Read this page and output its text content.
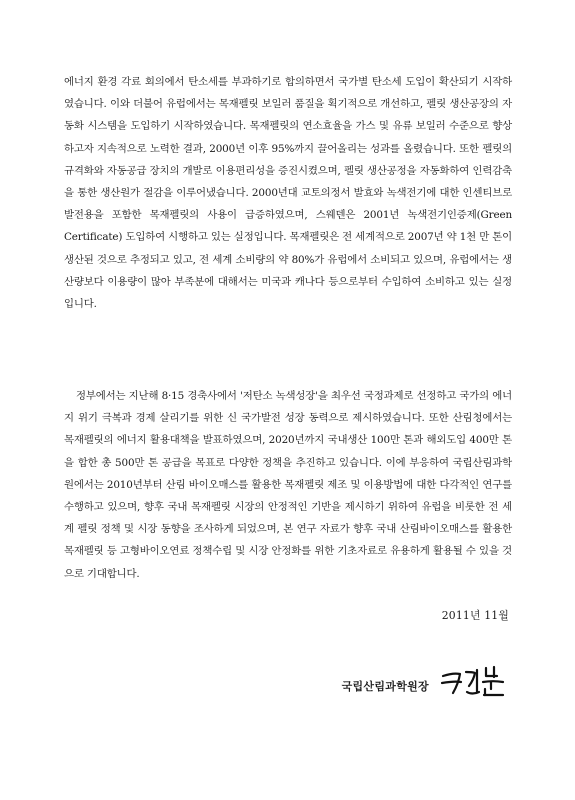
에너지 환경 각료 회의에서 탄소세를 부과하기로 합의하면서 국가별 탄소세 도입이 확산되기 시작하였습니다. 이와 더불어 유럽에서는 목재펠릿 보일러 품질을 획기적으로 개선하고, 펠릿 생산공장의 자동화 시스템을 도입하기 시작하였습니다. 목재펠릿의 연소효율을 가스 및 유류 보일러 수준으로 향상하고자 지속적으로 노력한 결과, 2000년 이후 95%까지 끌어올리는 성과를 올렸습니다. 또한 펠릿의 규격화와 자동공급 장치의 개발로 이용편리성을 증진시켰으며, 펠릿 생산공정을 자동화하여 인력감축을 통한 생산원가 절감을 이루어냈습니다. 2000년대 교토의정서 발효와 녹색전기에 대한 인센티브로 발전용을 포함한 목재펠릿의 사용이 급증하였으며, 스웨덴은 2001년 녹색전기인증제(Green Certificate) 도입하여 시행하고 있는 실정입니다. 목재펠릿은 전 세계적으로 2007년 약 1천 만 톤이 생산된 것으로 추정되고 있고, 전 세계 소비량의 약 80%가 유럽에서 소비되고 있으며, 유럽에서는 생산량보다 이용량이 많아 부족분에 대해서는 미국과 캐나다 등으로부터 수입하여 소비하고 있는 실정입니다.

정부에서는 지난해 8·15 경축사에서 '저탄소 녹색성장'을 최우선 국정과제로 선정하고 국가의 에너지 위기 극복과 경제 살리기를 위한 신 국가발전 성장 동력으로 제시하였습니다. 또한 산림청에서는 목재펠릿의 에너지 활용대책을 발표하였으며, 2020년까지 국내생산 100만 톤과 해외도입 400만 톤을 합한 총 500만 톤 공급을 목표로 다양한 정책을 추진하고 있습니다. 이에 부응하여 국립산림과학원에서는 2010년부터 산림 바이오매스를 활용한 목재펠릿 제조 및 이용방법에 대한 다각적인 연구를 수행하고 있으며, 향후 국내 목재펠릿 시장의 안정적인 기반을 제시하기 위하여 유럽을 비롯한 전 세계 펠릿 정책 및 시장 동향을 조사하게 되었으며, 본 연구 자료가 향후 국내 산림바이오매스를 활용한 목재펠릿 등 고형바이오연료 정책수립 및 시장 안정화를 위한 기초자료로 유용하게 활용될 수 있을 것으로 기대합니다.

2011년 11월
국립산림과학원장
